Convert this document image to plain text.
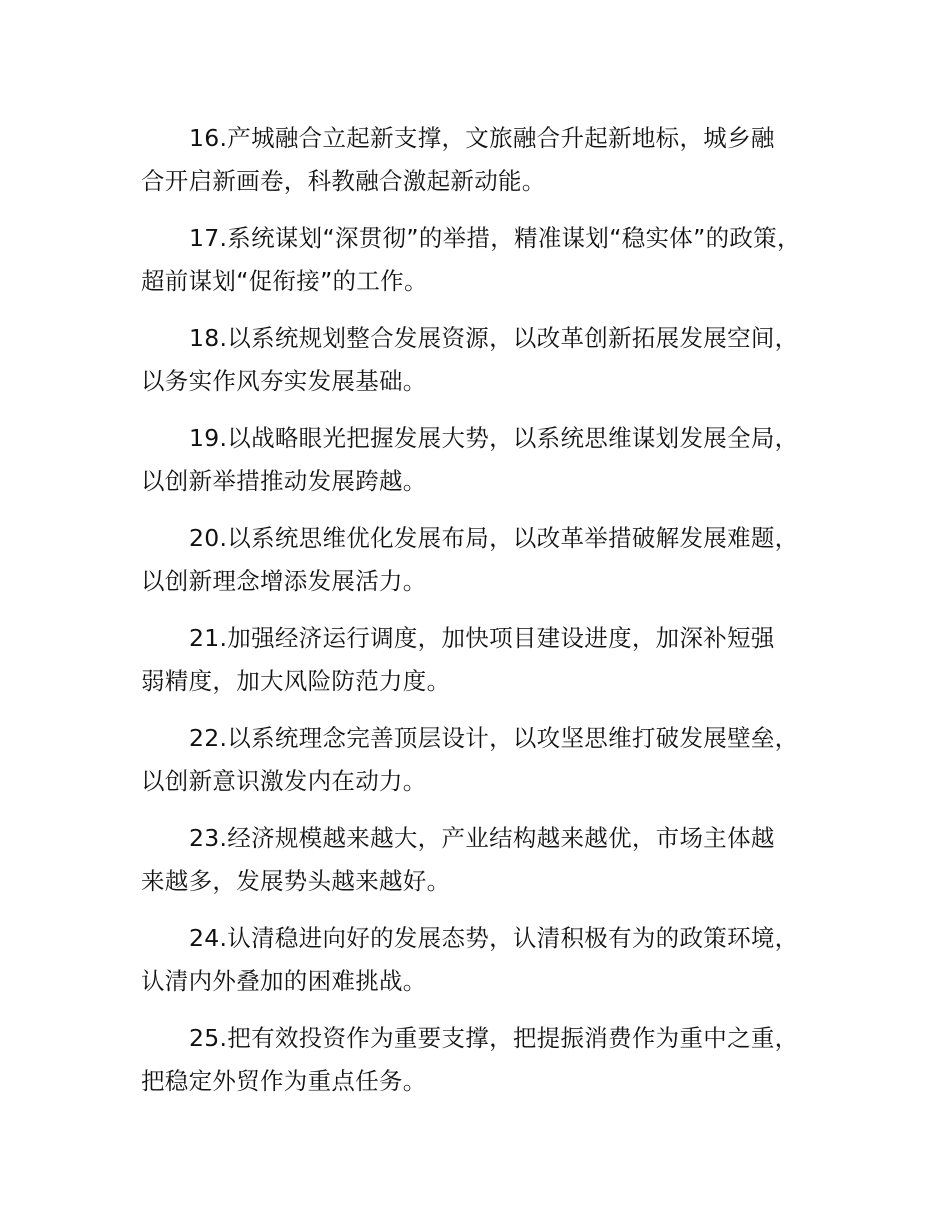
16.产城融合立起新支撑，文旅融合升起新地标，城乡融
合开启新画卷，科教融合激起新动能。

17.系统谋划“深贯彻”的举措，精准谋划“稳实体”的政策，
超前谋划“促衔接”的工作。

18.以系统规划整合发展资源，以改革创新拓展发展空间，
以务实作风夯实发展基础。

19.以战略眼光把握发展大势，以系统思维谋划发展全局，
以创新举措推动发展跨越。

20.以系统思维优化发展布局，以改革举措破解发展难题，
以创新理念增添发展活力。

21.加强经济运行调度，加快项目建设进度，加深补短强
弱精度，加大风险防范力度。

22.以系统理念完善顶层设计，以攻坚思维打破发展壁垒，
以创新意识激发内在动力。

23.经济规模越来越大，产业结构越来越优，市场主体越
来越多，发展势头越来越好。

24.认清稳进向好的发展态势，认清积极有为的政策环境，
认清内外叠加的困难挑战。

25.把有效投资作为重要支撑，把提振消费作为重中之重，
把稳定外贸作为重点任务。
